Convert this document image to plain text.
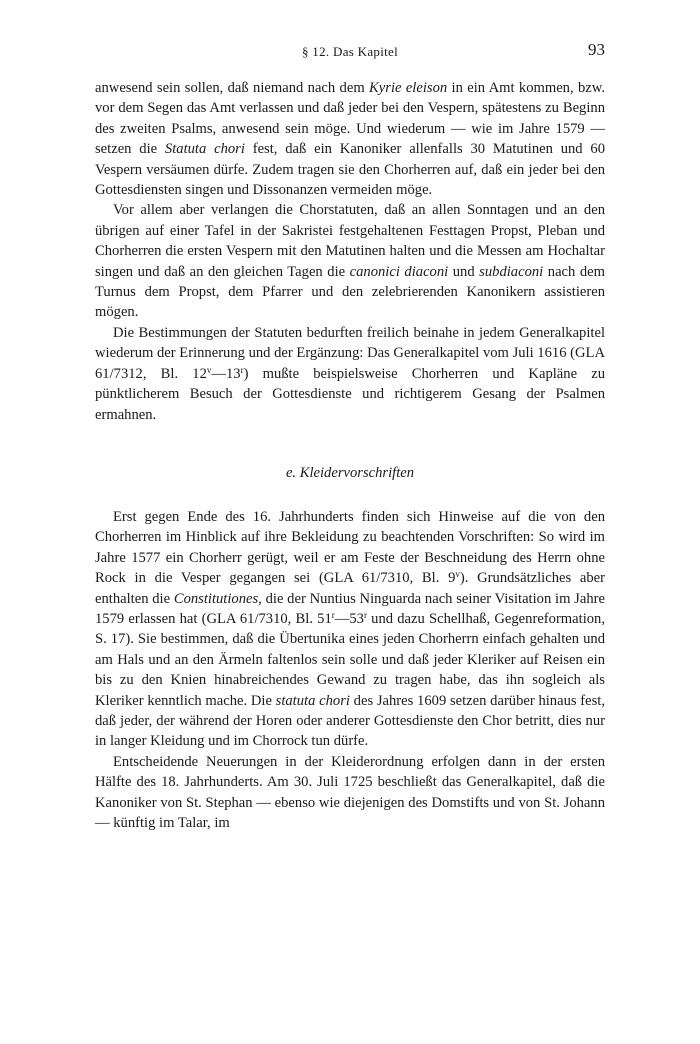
§ 12. Das Kapitel	93

anwesend sein sollen, daß niemand nach dem Kyrie eleison in ein Amt kommen, bzw. vor dem Segen das Amt verlassen und daß jeder bei den Vespern, spätestens zu Beginn des zweiten Psalms, anwesend sein möge. Und wiederum — wie im Jahre 1579 — setzen die Statuta chori fest, daß ein Kanoniker allenfalls 30 Matutinen und 60 Vespern versäumen dürfe. Zudem tragen sie den Chorherren auf, daß ein jeder bei den Gottesdiensten singen und Dissonanzen vermeiden möge.

Vor allem aber verlangen die Chorstatuten, daß an allen Sonntagen und an den übrigen auf einer Tafel in der Sakristei festgehaltenen Festtagen Propst, Pleban und Chorherren die ersten Vespern mit den Matutinen halten und die Messen am Hochaltar singen und daß an den gleichen Tagen die canonici diaconi und subdiaconi nach dem Turnus dem Propst, dem Pfarrer und den zelebrierenden Kanonikern assistieren mögen.

Die Bestimmungen der Statuten bedurften freilich beinahe in jedem Generalkapitel wiederum der Erinnerung und der Ergänzung: Das Generalkapitel vom Juli 1616 (GLA 61/7312, Bl. 12$^v$—13$^r$) mußte beispielsweise Chorherren und Kapläne zu pünktlicherem Besuch der Gottesdienste und richtigerem Gesang der Psalmen ermahnen.

e. Kleidervorschriften

Erst gegen Ende des 16. Jahrhunderts finden sich Hinweise auf die von den Chorherren im Hinblick auf ihre Bekleidung zu beachtenden Vorschriften: So wird im Jahre 1577 ein Chorherr gerügt, weil er am Feste der Beschneidung des Herrn ohne Rock in die Vesper gegangen sei (GLA 61/7310, Bl. 9$^v$). Grundsätzliches aber enthalten die Constitutiones, die der Nuntius Ninguarda nach seiner Visitation im Jahre 1579 erlassen hat (GLA 61/7310, Bl. 51$^r$—53$^r$ und dazu Schellhaß, Gegenreformation, S. 17). Sie bestimmen, daß die Übertunika eines jeden Chorherrn einfach gehalten und am Hals und an den Ärmeln faltenlos sein solle und daß jeder Kleriker auf Reisen ein bis zu den Knien hinabreichendes Gewand zu tragen habe, das ihn sogleich als Kleriker kenntlich mache. Die statuta chori des Jahres 1609 setzen darüber hinaus fest, daß jeder, der während der Horen oder anderer Gottesdienste den Chor betritt, dies nur in langer Kleidung und im Chorrock tun dürfe.

Entscheidende Neuerungen in der Kleiderordnung erfolgen dann in der ersten Hälfte des 18. Jahrhunderts. Am 30. Juli 1725 beschließt das Generalkapitel, daß die Kanoniker von St. Stephan — ebenso wie diejenigen des Domstifts und von St. Johann — künftig im Talar, im
